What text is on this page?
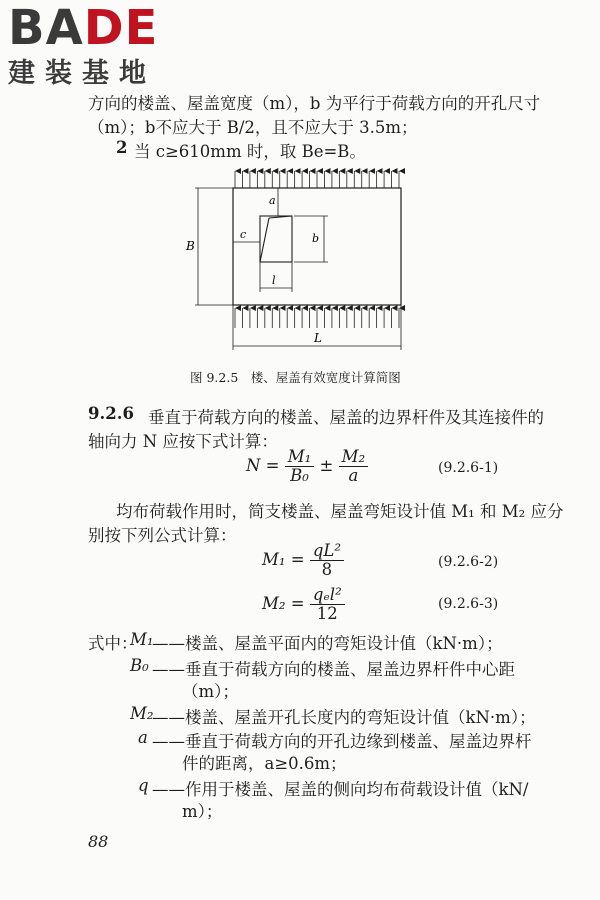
BADE
建装基地
方向的楼盖、屋盖宽度（m），b 为平行于荷载方向的开孔尺寸
（m）；b不应大于 B/2，且不应大于 3.5m；
2 当 c≥610mm 时，取 Be=B。
B
L
a
b
c
l
图 9.2.5　楼、屋盖有效宽度计算简图
9.2.6 垂直于荷载方向的楼盖、屋盖的边界杆件及其连接件的
轴向力 N 应按下式计算：
$N = \frac{\text{M₁}}{\text{B₀}} \pm \frac{\text{M₂}}{a}$	(9.2.6-1)
均布荷载作用时，简支楼盖、屋盖弯矩设计值 M₁ 和 M₂ 应分
别按下列公式计算：
$M_1 = \frac{\text{qL²}}{8}$	(9.2.6-2)
$M_2 = \frac{\text{qₑl²}}{12}$	(9.2.6-3)
式中：
M₁
——楼盖、屋盖平面内的弯矩设计值（kN·m）；
B₀ ——垂直于荷载方向的楼盖、屋盖边界杆件中心距
（m）；
M₂
——楼盖、屋盖开孔长度内的弯矩设计值（kN·m）；
a ——垂直于荷载方向的开孔边缘到楼盖、屋盖边界杆
件的距离，a≥0.6m；
q ——作用于楼盖、屋盖的侧向均布荷载设计值（kN/
m）；
88
